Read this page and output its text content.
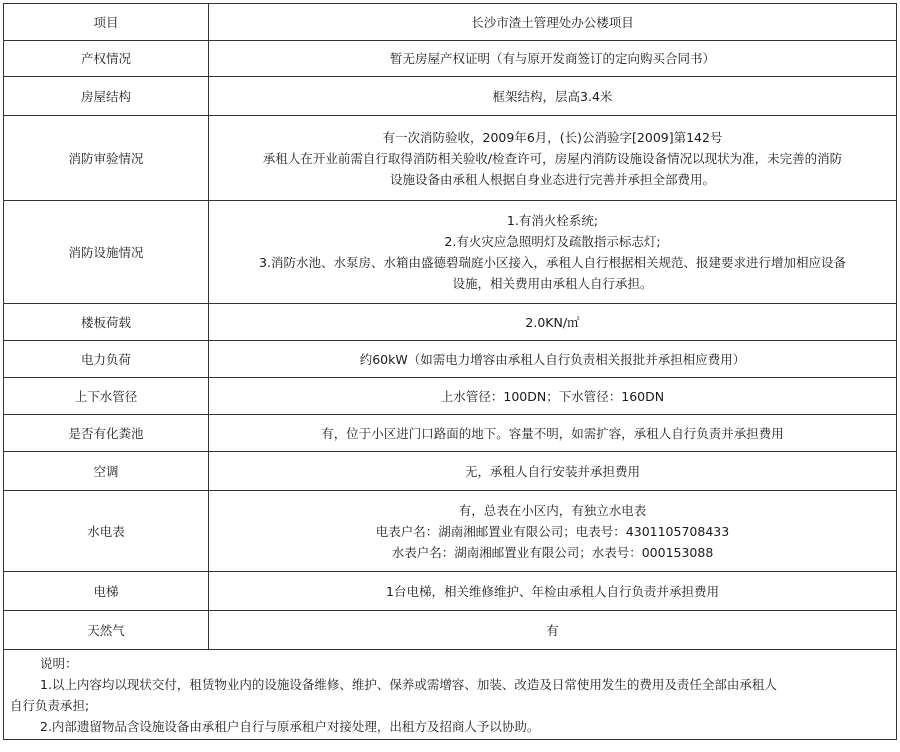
项目	长沙市渣土管理处办公楼项目

产权情况	暂无房屋产权证明（有与原开发商签订的定向购买合同书）

房屋结构	框架结构，层高3.4米

消防审验情况	有一次消防验收，2009年6月，(长)公消验字[2009]第142号
承租人在开业前需自行取得消防相关验收/检查许可，房屋内消防设施设备情况以现状为准，未完善的消防
设施设备由承租人根据自身业态进行完善并承担全部费用。

消防设施情况	1.有消火栓系统;
2.有火灾应急照明灯及疏散指示标志灯;
3.消防水池、水泵房、水箱由盛德碧瑞庭小区接入，承租人自行根据相关规范、报建要求进行增加相应设备
设施，相关费用由承租人自行承担。

楼板荷载	2.0KN/㎡

电力负荷	约60kW（如需电力增容由承租人自行负责相关报批并承担相应费用）

上下水管径	上水管径：100DN；下水管径：160DN

是否有化粪池	有，位于小区进门口路面的地下。容量不明，如需扩容，承租人自行负责并承担费用

空调	无，承租人自行安装并承担费用

水电表	有，总表在小区内，有独立水电表
电表户名：湖南湘邮置业有限公司；电表号：4301105708433
水表户名：湖南湘邮置业有限公司；水表号：000153088

电梯	1台电梯，相关维修维护、年检由承租人自行负责并承担费用

天然气	有

说明：
1.以上内容均以现状交付，租赁物业内的设施设备维修、维护、保养或需增容、加装、改造及日常使用发生的费用及责任全部由承租人
自行负责承担;
2.内部遗留物品含设施设备由承租户自行与原承租户对接处理，出租方及招商人予以协助。	
